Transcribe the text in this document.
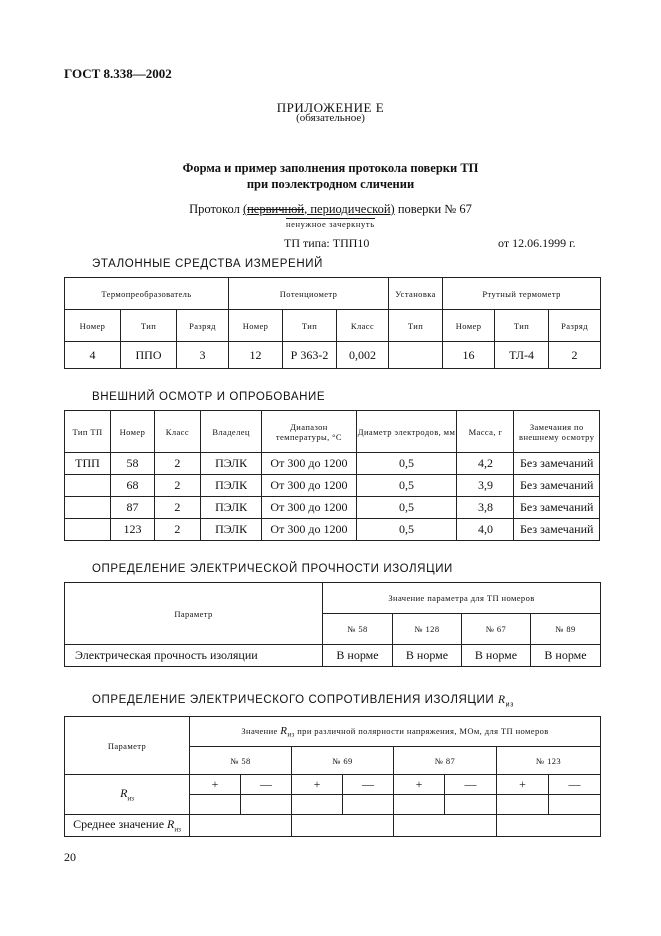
ГОСТ 8.338—2002
ПРИЛОЖЕНИЕ Е
(обязательное)
Форма и пример заполнения протокола поверки ТП
при поэлектродном сличении
Протокол (первичной, периодической) поверки № 67
ненужное зачеркнуть
ТП типа: ТПП10	от 12.06.1999 г.
ЭТАЛОННЫЕ СРЕДСТВА ИЗМЕРЕНИЙ
Термопреобразователь			Потенциометр			Установка	Ртутный термометр		
Номер	Тип	Разряд	Номер	Тип	Класс	Тип	Номер	Тип	Разряд
4	ППО	3	12	Р 363-2	0,002		16	ТЛ-4	2
ВНЕШНИЙ ОСМОТР И ОПРОБОВАНИЕ
Тип ТП	Номер	Класс	Владелец	Диапазон температуры, °С	Диаметр электродов, мм	Масса, г	Замечания по внешнему осмотру
ТПП	58	2	ПЭЛК	От 300 до 1200	0,5	4,2	Без замечаний
	68	2	ПЭЛК	От 300 до 1200	0,5	3,9	Без замечаний
	87	2	ПЭЛК	От 300 до 1200	0,5	3,8	Без замечаний
	123	2	ПЭЛК	От 300 до 1200	0,5	4,0	Без замечаний
ОПРЕДЕЛЕНИЕ ЭЛЕКТРИЧЕСКОЙ ПРОЧНОСТИ ИЗОЛЯЦИИ
Параметр	Значение параметра для ТП номеров			
	№ 58	№ 128	№ 67	№ 89
Электрическая прочность изоляции	В норме	В норме	В норме	В норме
ОПРЕДЕЛЕНИЕ ЭЛЕКТРИЧЕСКОГО СОПРОТИВЛЕНИЯ ИЗОЛЯЦИИ $R_{из}$
Параметр	Значение $R_{из}$ при различной полярности напряжения, МОм, для ТП номеров							
	№ 58		№ 69		№ 87		№ 123	
$R_{из}$	+	—	+	—	+	—	+	—

Среднее значение $R_{из}$				
20
